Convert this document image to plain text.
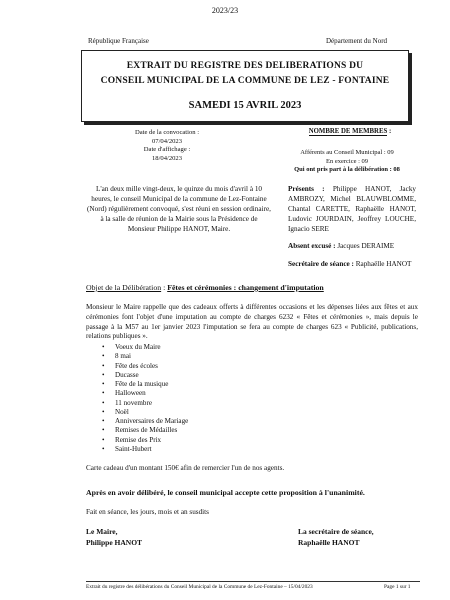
2023/23
République Française	Département du Nord
EXTRAIT DU REGISTRE DES DELIBERATIONS DU
CONSEIL MUNICIPAL DE LA COMMUNE DE LEZ - FONTAINE
SAMEDI 15 AVRIL 2023
Date de la convocation :
07/04/2023
Date d'affichage :
18/04/2023
NOMBRE DE MEMBRES :
Afférents au Conseil Municipal : 09
En exercice : 09
Qui ont pris part à la délibération : 08
L'an deux mille vingt-deux, le quinze du mois d'avril à 10 heures, le conseil Municipal de la commune de Lez-Fontaine (Nord) régulièrement convoqué, s'est réuni en session ordinaire, à la salle de réunion de la Mairie sous la Présidence de Monsieur Philippe HANOT, Maire.
Présents : Philippe HANOT, Jacky AMBROZY, Michel BLAUWBLOMME, Chantal CARETTE, Raphaëlle HANOT, Ludovic JOURDAIN, Jeoffrey LOUCHE, Ignacio SERE
Absent excusé : Jacques DERAIME
Secrétaire de séance : Raphaëlle HANOT
Objet de la Délibération : Fêtes et cérémonies : changement d'imputation
Monsieur le Maire rappelle que des cadeaux offerts à différentes occasions et les dépenses liées aux fêtes et aux cérémonies font l'objet d'une imputation au compte de charges 6232 « Fêtes et cérémonies », mais depuis le passage à la M57 au 1er janvier 2023 l'imputation se fera au compte de charges 623 « Publicité, publications, relations publiques ».
• Voeux du Maire
• 8 mai
• Fête des écoles
• Ducasse
• Fête de la musique
• Halloween
• 11 novembre
• Noël
• Anniversaires de Mariage
• Remises de Médailles
• Remise des Prix
• Saint-Hubert
Carte cadeau d'un montant 150€ afin de remercier l'un de nos agents.
Après en avoir délibéré, le conseil municipal accepte cette proposition à l'unanimité.
Fait en séance, les jours, mois et an susdits
Le Maire,
Philippe HANOT
La secrétaire de séance,
Raphaëlle HANOT
Extrait du registre des délibérations du Conseil Municipal de la Commune de Lez-Fontaine – 15/04/2023	Page 1 sur 1
